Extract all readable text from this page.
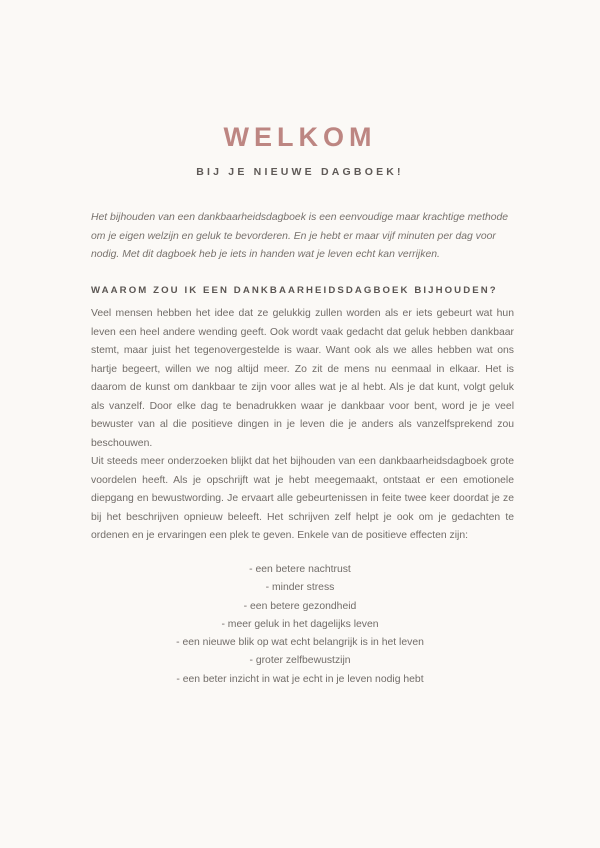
WELKOM
BIJ JE NIEUWE DAGBOEK!

Het bijhouden van een dankbaarheidsdagboek is een eenvoudige maar krachtige methode om je eigen welzijn en geluk te bevorderen. En je hebt er maar vijf minuten per dag voor nodig. Met dit dagboek heb je iets in handen wat je leven echt kan verrijken.

WAAROM ZOU IK EEN DANKBAARHEIDSDAGBOEK BIJHOUDEN?

Veel mensen hebben het idee dat ze gelukkig zullen worden als er iets gebeurt wat hun leven een heel andere wending geeft. Ook wordt vaak gedacht dat geluk hebben dankbaar stemt, maar juist het tegenovergestelde is waar. Want ook als we alles hebben wat ons hartje begeert, willen we nog altijd meer. Zo zit de mens nu eenmaal in elkaar. Het is daarom de kunst om dankbaar te zijn voor alles wat je al hebt. Als je dat kunt, volgt geluk als vanzelf. Door elke dag te benadrukken waar je dankbaar voor bent, word je je veel bewuster van al die positieve dingen in je leven die je anders als vanzelfsprekend zou beschouwen.

Uit steeds meer onderzoeken blijkt dat het bijhouden van een dankbaarheidsdagboek grote voordelen heeft. Als je opschrijft wat je hebt meegemaakt, ontstaat er een emotionele diepgang en bewustwording. Je ervaart alle gebeurtenissen in feite twee keer doordat je ze bij het beschrijven opnieuw beleeft. Het schrijven zelf helpt je ook om je gedachten te ordenen en je ervaringen een plek te geven. Enkele van de positieve effecten zijn:

- een betere nachtrust
- minder stress
- een betere gezondheid
- meer geluk in het dagelijks leven
- een nieuwe blik op wat echt belangrijk is in het leven
- groter zelfbewustzijn
- een beter inzicht in wat je echt in je leven nodig hebt
